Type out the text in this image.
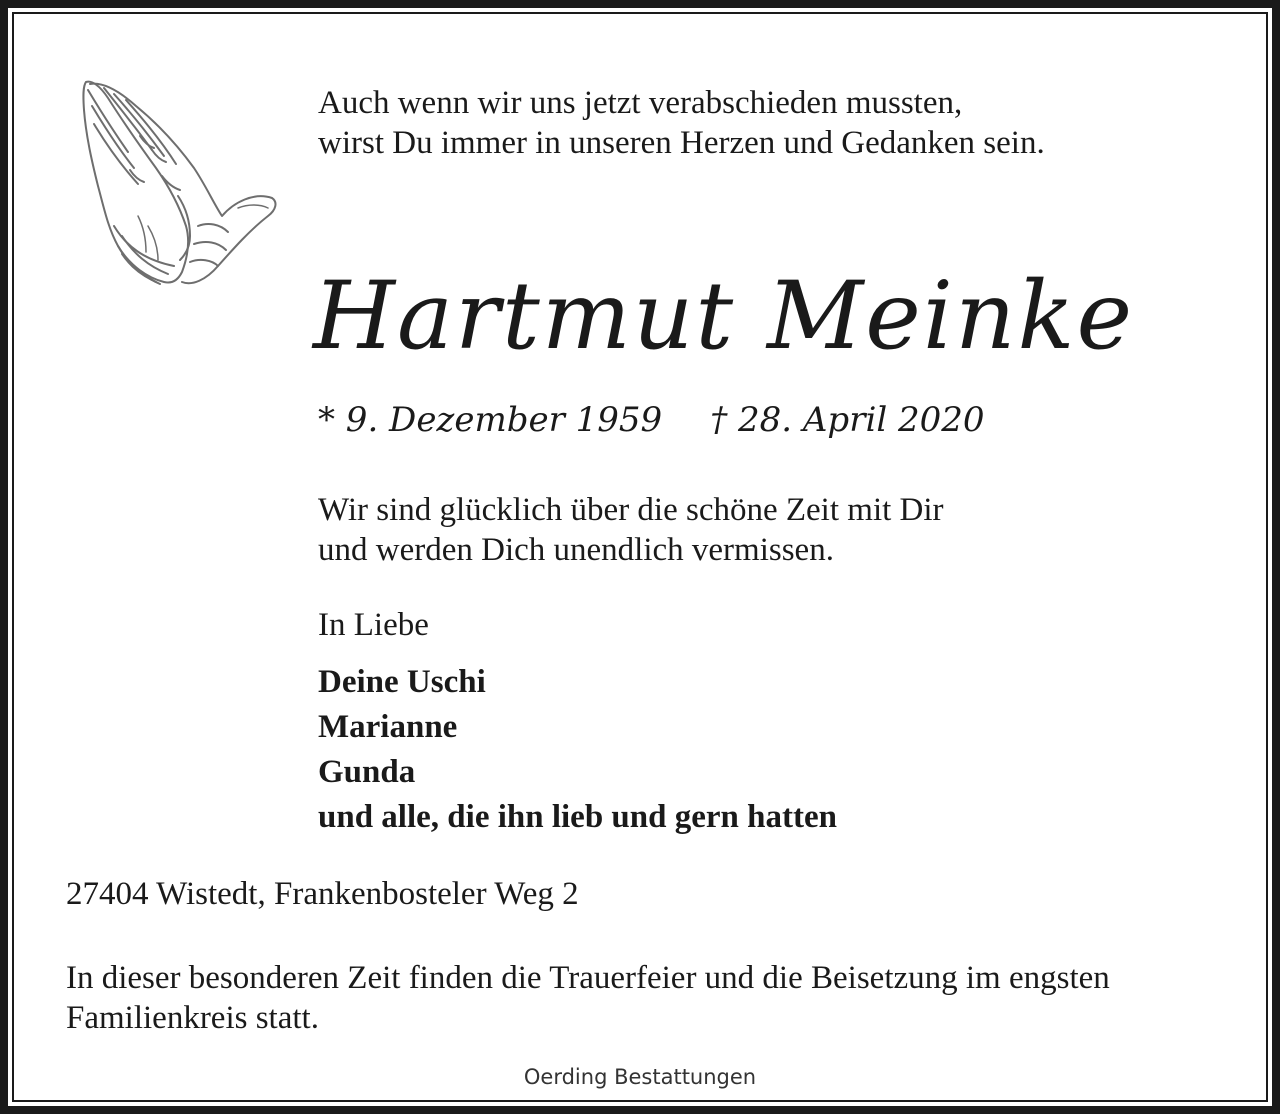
Auch wenn wir uns jetzt verabschieden mussten,
wirst Du immer in unseren Herzen und Gedanken sein.
Hartmut Meinke
* 9. Dezember 1959 † 28. April 2020
Wir sind glücklich über die schöne Zeit mit Dir
und werden Dich unendlich vermissen.
In Liebe
Deine Uschi
Marianne
Gunda
und alle, die ihn lieb und gern hatten
27404 Wistedt, Frankenbosteler Weg 2
In dieser besonderen Zeit finden die Trauerfeier und die Beisetzung im engsten
Familienkreis statt.
Oerding Bestattungen
